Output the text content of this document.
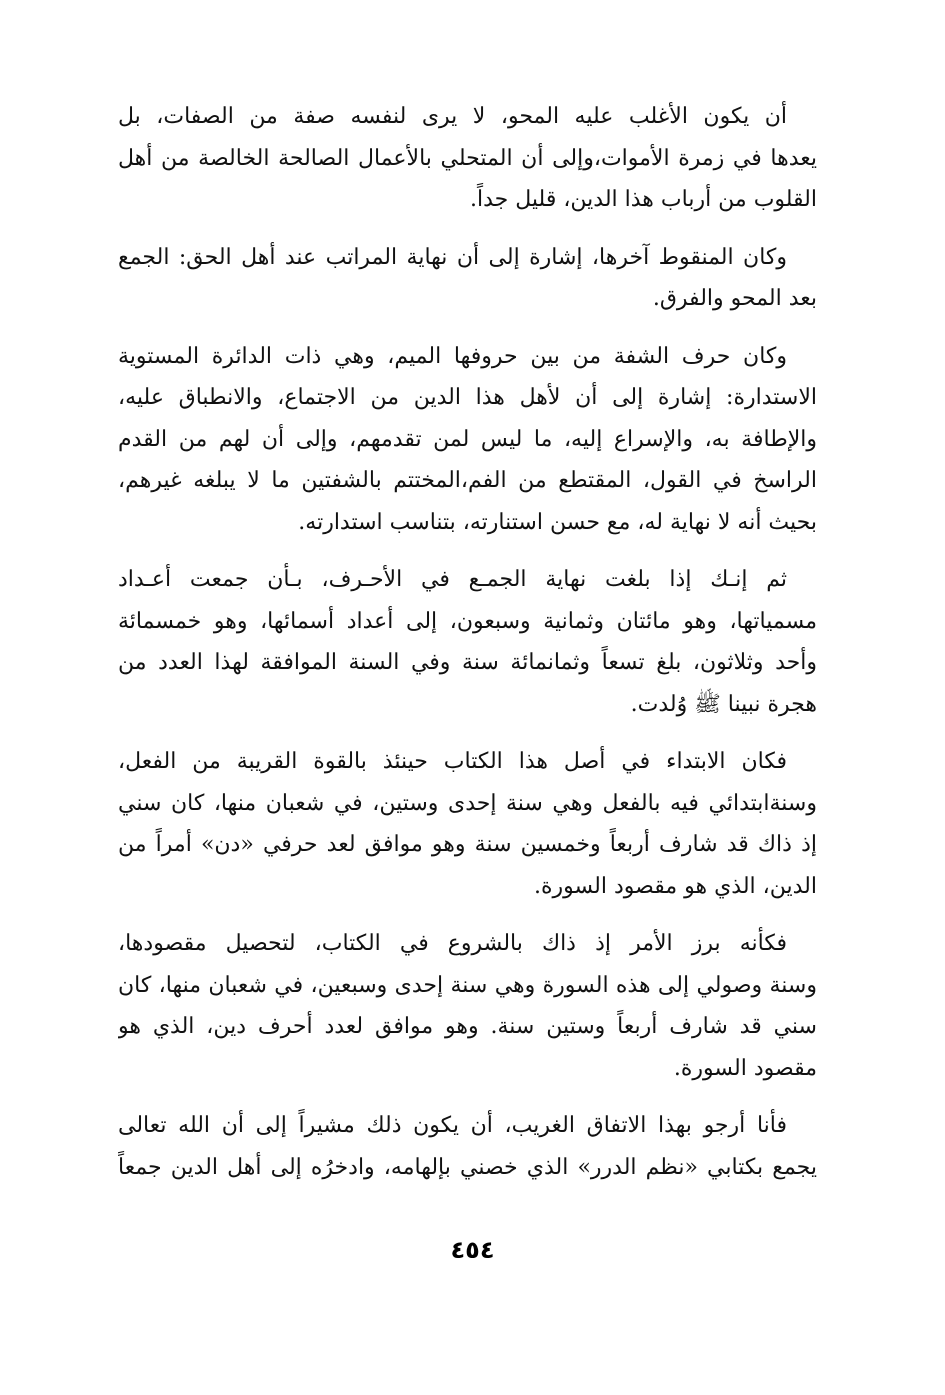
أن يكون الأغلب عليه المحو، لا يرى لنفسه صفة من الصفات، بل
يعدها في زمرة الأموات،وإلى أن المتحلي بالأعمال الصالحة الخالصة من أهل
القلوب من أرباب هذا الدين، قليل جداً.

وكان المنقوط آخرها، إشارة إلى أن نهاية المراتب عند أهل الحق: الجمع
بعد المحو والفرق.

وكان حرف الشفة من بين حروفها الميم، وهي ذات الدائرة المستوية
الاستدارة: إشارة إلى أن لأهل هذا الدين من الاجتماع، والانطباق عليه،
والإطافة به، والإسراع إليه، ما ليس لمن تقدمهم، وإلى أن لهم من القدم
الراسخ في القول، المقتطع من الفم،المختتم بالشفتين ما لا يبلغه غيرهم،
بحيث أنه لا نهاية له، مع حسن استنارته، بتناسب استدارته.

ثم إنـك إذا بلغت نهاية الجمـع في الأحـرف، بـأن جمعت أعـداد
مسمياتها، وهو مائتان وثمانية وسبعون، إلى أعداد أسمائها، وهو خمسمائة
وأحد وثلاثون، بلغ تسعاً وثمانمائة سنة وفي السنة الموافقة لهذا العدد من
هجرة نبينا ﷺ وُلدت.

فكان الابتداء في أصل هذا الكتاب حينئذ بالقوة القريبة من الفعل،
وسنةابتدائي فيه بالفعل وهي سنة إحدى وستين، في شعبان منها، كان سني
إذ ذاك قد شارف أربعاً وخمسين سنة وهو موافق لعد حرفي «دن» أمراً من
الدين، الذي هو مقصود السورة.

فكأنه برز الأمر إذ ذاك بالشروع في الكتاب، لتحصيل مقصودها،
وسنة وصولي إلى هذه السورة وهي سنة إحدى وسبعين، في شعبان منها، كان
سني قد شارف أربعاً وستين سنة. وهو موافق لعدد أحرف دين، الذي هو
مقصود السورة.

فأنا أرجو بهذا الاتفاق الغريب، أن يكون ذلك مشيراً إلى أن الله تعالى
يجمع بكتابي «نظم الدرر» الذي خصني بإلهامه، وادخرُه إلى أهل الدين جمعاً

٤٥٤
